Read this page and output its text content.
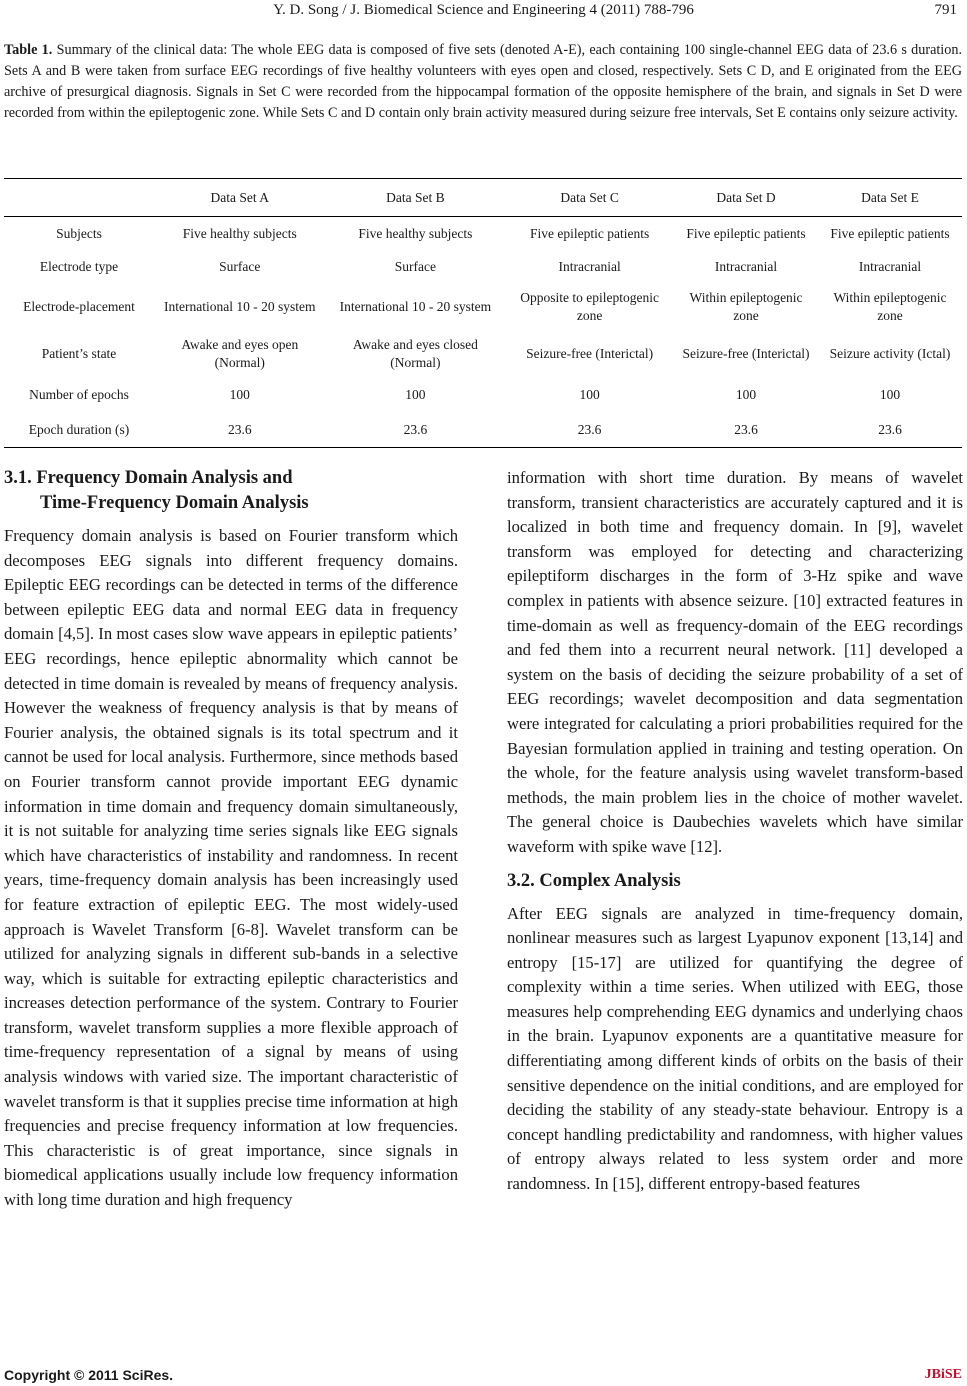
Y. D. Song / J. Biomedical Science and Engineering 4 (2011) 788-796	791
Table 1. Summary of the clinical data: The whole EEG data is composed of five sets (denoted A-E), each containing 100 single-channel EEG data of 23.6 s duration. Sets A and B were taken from surface EEG recordings of five healthy volunteers with eyes open and closed, respectively. Sets C D, and E originated from the EEG archive of presurgical diagnosis. Signals in Set C were recorded from the hippocampal formation of the opposite hemisphere of the brain, and signals in Set D were recorded from within the epileptogenic zone. While Sets C and D contain only brain activity measured during seizure free intervals, Set E contains only seizure activity.
	Data Set A	Data Set B	Data Set C	Data Set D	Data Set E
Subjects	Five healthy subjects	Five healthy subjects	Five epileptic patients	Five epileptic patients	Five epileptic patients
Electrode type	Surface	Surface	Intracranial	Intracranial	Intracranial
Electrode-placement	International 10 - 20 system	International 10 - 20 system	Opposite to epileptogenic zone	Within epileptogenic zone	Within epileptogenic zone
Patient’s state	Awake and eyes open (Normal)	Awake and eyes closed (Normal)	Seizure-free (Interictal)	Seizure-free (Interictal)	Seizure activity (Ictal)
Number of epochs	100	100	100	100	100
Epoch duration (s)	23.6	23.6	23.6	23.6	23.6
3.1. Frequency Domain Analysis and
Time-Frequency Domain Analysis

Frequency domain analysis is based on Fourier transform which decomposes EEG signals into different frequency domains. Epileptic EEG recordings can be detected in terms of the difference between epileptic EEG data and normal EEG data in frequency domain [4,5]. In most cases slow wave appears in epileptic patients’ EEG recordings, hence epileptic abnormality which cannot be detected in time domain is revealed by means of frequency analysis. However the weakness of frequency analysis is that by means of Fourier analysis, the obtained signals is its total spectrum and it cannot be used for local analysis. Furthermore, since methods based on Fourier transform cannot provide important EEG dynamic information in time domain and frequency domain simultaneously, it is not suitable for analyzing time series signals like EEG signals which have characteristics of instability and randomness. In recent years, time-frequency domain analysis has been increasingly used for feature extraction of epileptic EEG. The most widely-used approach is Wavelet Transform [6-8]. Wavelet transform can be utilized for analyzing signals in different sub-bands in a selective way, which is suitable for extracting epileptic characteristics and increases detection performance of the system. Contrary to Fourier transform, wavelet transform supplies a more flexible approach of time-frequency representation of a signal by means of using analysis windows with varied size. The important characteristic of wavelet transform is that it supplies precise time information at high frequencies and precise frequency information at low frequencies. This characteristic is of great importance, since signals in biomedical applications usually include low frequency information with long time duration and high frequency

information with short time duration. By means of wavelet transform, transient characteristics are accurately captured and it is localized in both time and frequency domain. In [9], wavelet transform was employed for detecting and characterizing epileptiform discharges in the form of 3-Hz spike and wave complex in patients with absence seizure. [10] extracted features in time-domain as well as frequency-domain of the EEG recordings and fed them into a recurrent neural network. [11] developed a system on the basis of deciding the seizure probability of a set of EEG recordings; wavelet decomposition and data segmentation were integrated for calculating a priori probabilities required for the Bayesian formulation applied in training and testing operation. On the whole, for the feature analysis using wavelet transform-based methods, the main problem lies in the choice of mother wavelet. The general choice is Daubechies wavelets which have similar waveform with spike wave [12].

3.2. Complex Analysis

After EEG signals are analyzed in time-frequency domain, nonlinear measures such as largest Lyapunov exponent [13,14] and entropy [15-17] are utilized for quantifying the degree of complexity within a time series. When utilized with EEG, those measures help comprehending EEG dynamics and underlying chaos in the brain. Lyapunov exponents are a quantitative measure for differentiating among different kinds of orbits on the basis of their sensitive dependence on the initial conditions, and are employed for deciding the stability of any steady-state behaviour. Entropy is a concept handling predictability and randomness, with higher values of entropy always related to less system order and more randomness. In [15], different entropy-based features

Copyright © 2011 SciRes.	JBiSE
